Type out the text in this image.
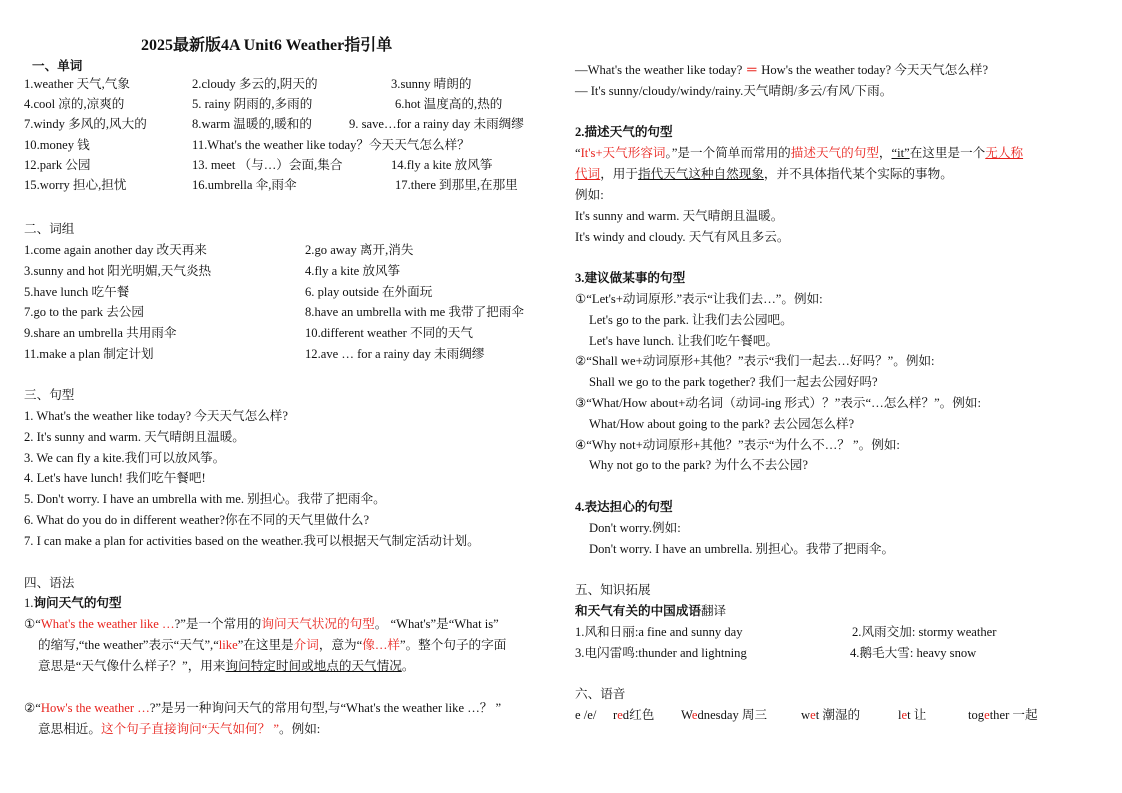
2025最新版4A Unit6 Weather指引单
一、单词
1.weather 天气,气象	2.cloudy 多云的,阴天的	3.sunny 晴朗的
4.cool 凉的,凉爽的	5. rainy 阴雨的,多雨的	6.hot 温度高的,热的
7.windy 多风的,风大的	8.warm 温暖的,暖和的	9. save…for a rainy day 未雨绸缪
10.money 钱	11.What's the weather like today？今天天气怎么样？
12.park 公园	13. meet （与…）会面,集合	14.fly a kite 放风筝
15.worry 担心,担忧	16.umbrella 伞,雨伞	17.there 到那里,在那里
二、词组
1.come again another day 改天再来	2.go away 离开,消失
3.sunny and hot 阳光明媚,天气炎热	4.fly a kite 放风筝
5.have lunch 吃午餐	6. play outside 在外面玩
7.go to the park 去公园	8.have an umbrella with me 我带了把雨伞
9.share an umbrella 共用雨伞	10.different weather 不同的天气
11.make a plan 制定计划	12.ave … for a rainy day 未雨绸缪
三、句型
1. What's the weather like today? 今天天气怎么样?
2. It's sunny and warm. 天气晴朗且温暖。
3. We can fly a kite.我们可以放风筝。
4. Let's have lunch! 我们吃午餐吧!
5. Don't worry. I have an umbrella with me. 别担心。我带了把雨伞。
6. What do you do in different weather?你在不同的天气里做什么?
7. I can make a plan for activities based on the weather.我可以根据天气制定活动计划。
四、语法
1.询问天气的句型
①“What's the weather like …?”是一个常用的询问天气状况的句型。 “What's”是“What is”
的缩写,“the weather”表示“天气”,“like”在这里是介词，意为“像…样”。整个句子的字面
意思是“天气像什么样子？”，用来询问特定时间或地点的天气情况。
②“How's the weather …?”是另一种询问天气的常用句型,与“What's the weather like …？ ”
意思相近。这个句子直接询问“天气如何？ ”。例如:
—What's the weather like today? ＝ How's the weather today? 今天天气怎么样?
— It's sunny/cloudy/windy/rainy.天气晴朗/多云/有风/下雨。
2.描述天气的句型
“It's+天气形容词。”是一个简单而常用的描述天气的句型，“it”在这里是一个无人称
代词，用于指代天气这种自然现象，并不具体指代某个实际的事物。
例如:
It's sunny and warm. 天气晴朗且温暖。
It's windy and cloudy. 天气有风且多云。
3.建议做某事的句型
①“Let's+动词原形.”表示“让我们去…”。例如:
Let's go to the park. 让我们去公园吧。
Let's have lunch. 让我们吃午餐吧。
②“Shall we+动词原形+其他？”表示“我们一起去…好吗？”。例如:
Shall we go to the park together? 我们一起去公园好吗?
③“What/How about+动名词（动词-ing 形式）？”表示“…怎么样？”。例如:
What/How about going to the park? 去公园怎么样?
④“Why not+动词原形+其他？”表示“为什么不…？ ”。例如:
Why not go to the park? 为什么不去公园?
4.表达担心的句型
Don't worry.例如:
Don't worry. I have an umbrella. 别担心。我带了把雨伞。
五、知识拓展
和天气有关的中国成语翻译
1.风和日丽:a fine and sunny day	2.风雨交加: stormy weather
3.电闪雷鸣:thunder and lightning	4.鹅毛大雪: heavy snow
六、语音
e /e/ red红色 Wednesday 周三	wet 潮湿的	let 让	together 一起
